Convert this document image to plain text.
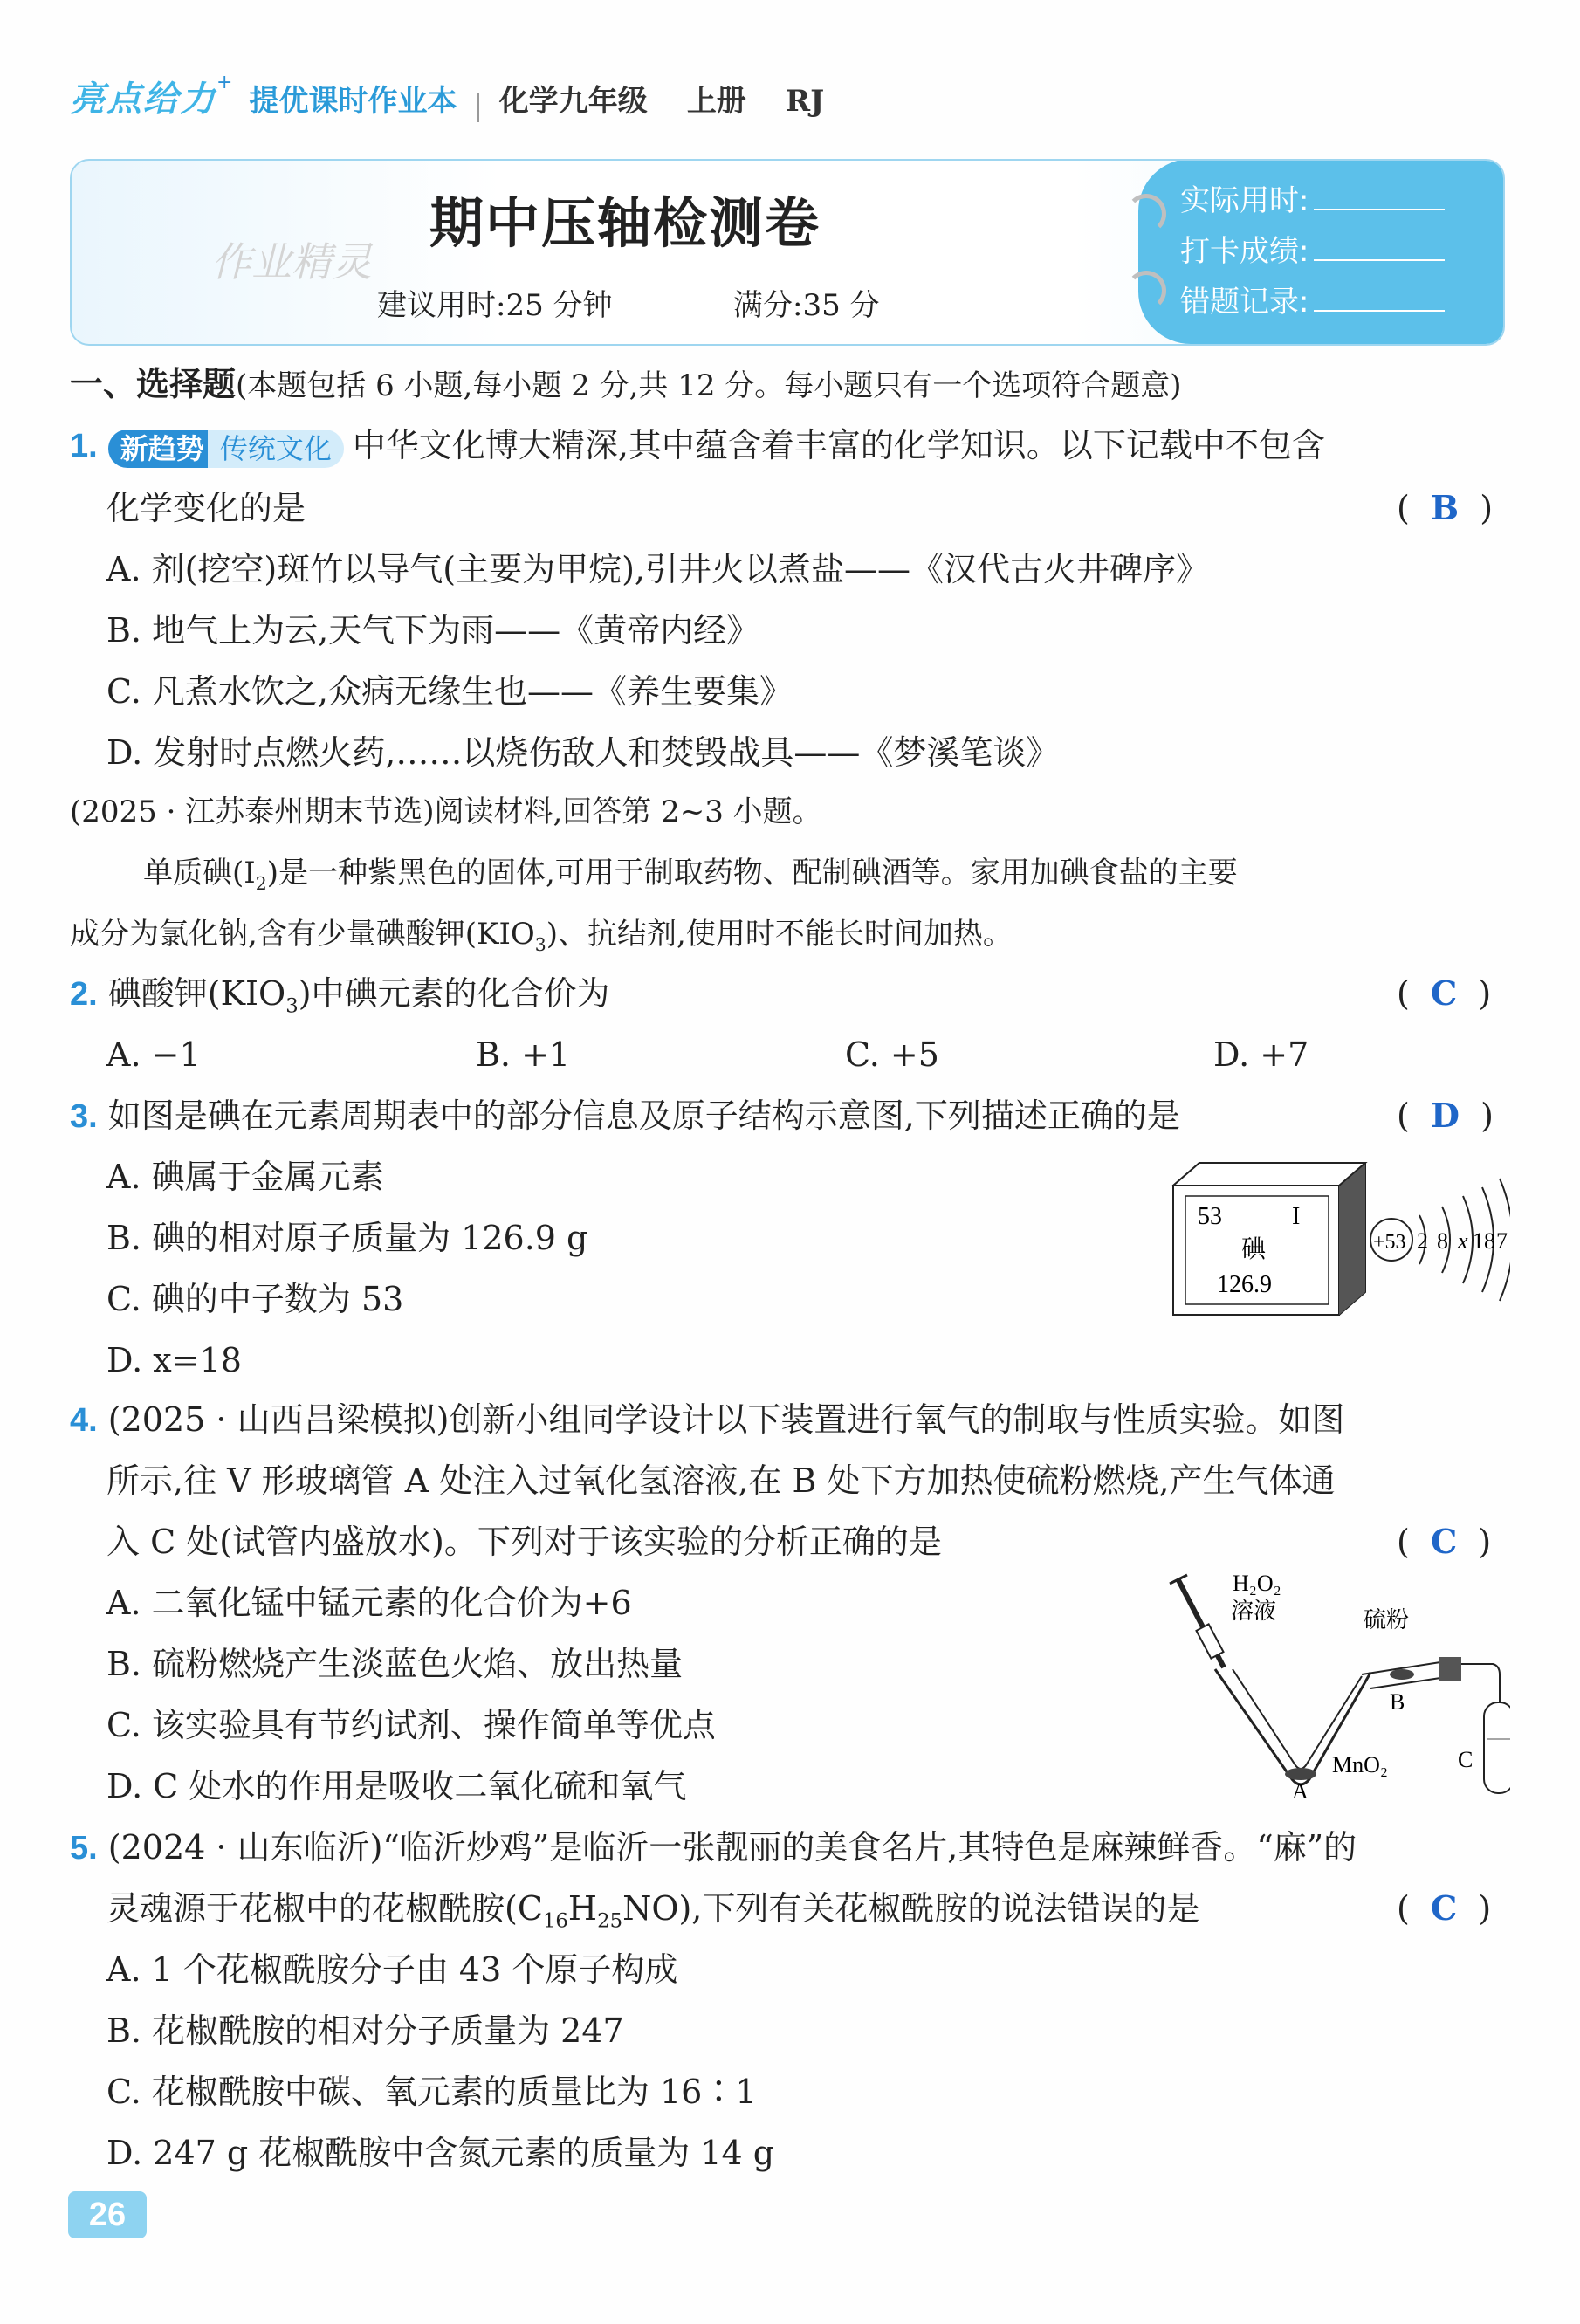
亮点给力+ 提优课时作业本 化学九年级 上册 RJ
作业精灵
期中压轴检测卷
建议用时:25 分钟	满分:35 分
实际用时:
打卡成绩:
错题记录:
一、选择题(本题包括 6 小题,每小题 2 分,共 12 分。每小题只有一个选项符合题意)
1. 新趋势 传统文化 中华文化博大精深,其中蕴含着丰富的化学知识。以下记载中不包含
化学变化的是	(  B  )
A. 剂(挖空)斑竹以导气(主要为甲烷),引井火以煮盐——《汉代古火井碑序》
B. 地气上为云,天气下为雨——《黄帝内经》
C. 凡煮水饮之,众病无缘生也——《养生要集》
D. 发射时点燃火药,……以烧伤敌人和焚毁战具——《梦溪笔谈》
(2025 · 江苏泰州期末节选)阅读材料,回答第 2~3 小题。
单质碘$(I_2)$是一种紫黑色的固体,可用于制取药物、配制碘酒等。家用加碘食盐的主要
成分为氯化钠,含有少量碘酸钾$(KIO_3)$、抗结剂,使用时不能长时间加热。
2. 碘酸钾$(KIO_3)$中碘元素的化合价为	(  C  )
A. −1	B. +1	C. +5	D. +7
3. 如图是碘在元素周期表中的部分信息及原子结构示意图,下列描述正确的是	(  D  )
A. 碘属于金属元素
B. 碘的相对原子质量为 126.9 g
C. 碘的中子数为 53
D. x=18
53	I
碘
126.9
+53 2 8 x 18 7
4. (2025 · 山西吕梁模拟)创新小组同学设计以下装置进行氧气的制取与性质实验。如图
所示,往 V 形玻璃管 A 处注入过氧化氢溶液,在 B 处下方加热使硫粉燃烧,产生气体通
入 C 处(试管内盛放水)。下列对于该实验的分析正确的是	(  C  )
A. 二氧化锰中锰元素的化合价为+6
B. 硫粉燃烧产生淡蓝色火焰、放出热量
C. 该实验具有节约试剂、操作简单等优点
D. C 处水的作用是吸收二氧化硫和氧气
H₂O₂
溶液	硫粉
B
MnO₂
A
C
5. (2024 · 山东临沂)“临沂炒鸡”是临沂一张靓丽的美食名片,其特色是麻辣鲜香。“麻”的
灵魂源于花椒中的花椒酰胺$(C_{16}H_{25}NO)$,下列有关花椒酰胺的说法错误的是	(  C  )
A. 1 个花椒酰胺分子由 43 个原子构成
B. 花椒酰胺的相对分子质量为 247
C. 花椒酰胺中碳、氧元素的质量比为 16∶1
D. 247 g 花椒酰胺中含氮元素的质量为 14 g
26
